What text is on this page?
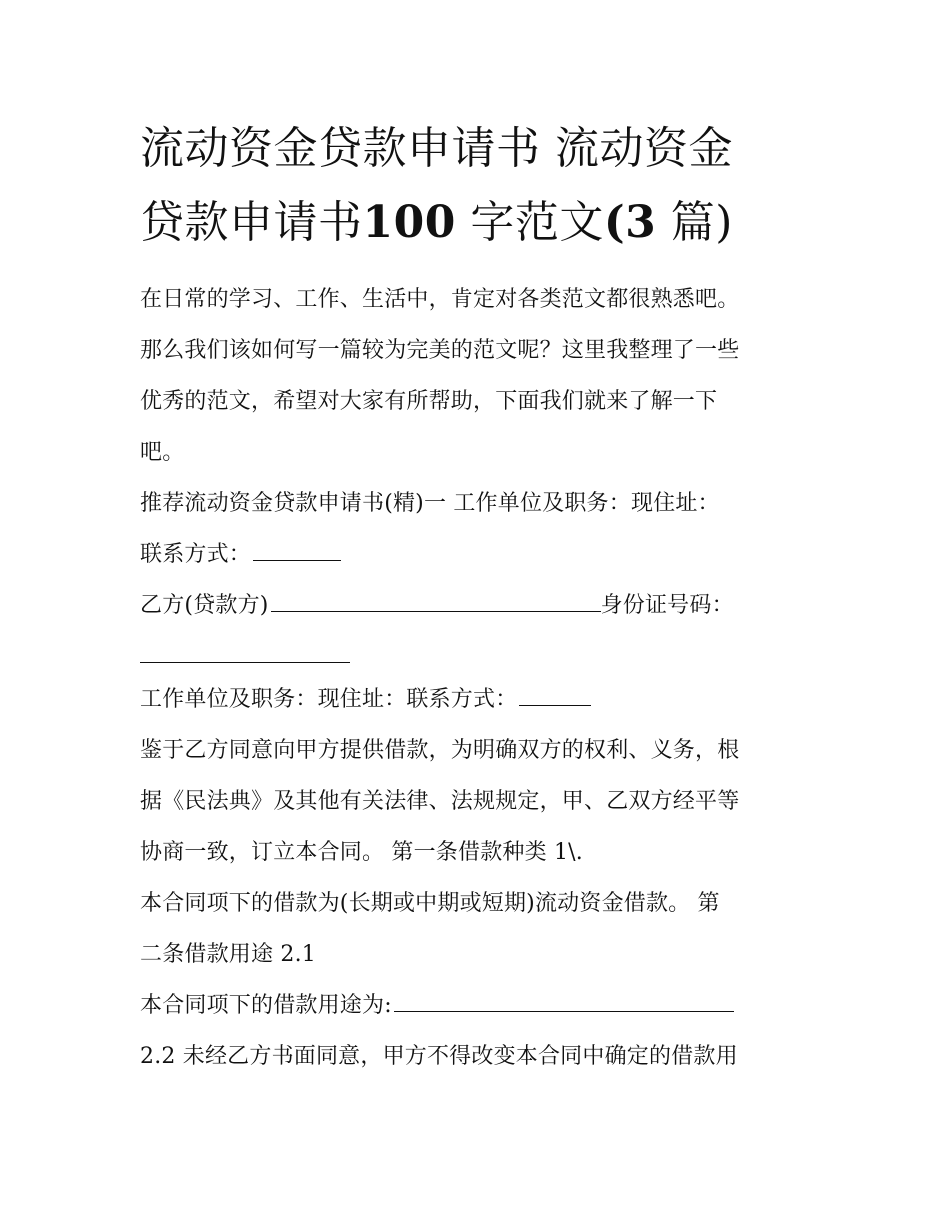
流动资金贷款申请书 流动资金
贷款申请书100 字范文(3 篇)

在日常的学习、工作、生活中，肯定对各类范文都很熟悉吧。

那么我们该如何写一篇较为完美的范文呢？这里我整理了一些

优秀的范文，希望对大家有所帮助，下面我们就来了解一下

吧。

推荐流动资金贷款申请书(精)一 工作单位及职务：现住址：

联系方式：

乙方(贷款方)	身份证号码：

工作单位及职务：现住址：联系方式：

鉴于乙方同意向甲方提供借款，为明确双方的权利、义务，根

据《民法典》及其他有关法律、法规规定，甲、乙双方经平等

协商一致，订立本合同。 第一条借款种类 1\.

本合同项下的借款为(长期或中期或短期)流动资金借款。 第

二条借款用途 2.1

本合同项下的借款用途为:

2.2 未经乙方书面同意，甲方不得改变本合同中确定的借款用
